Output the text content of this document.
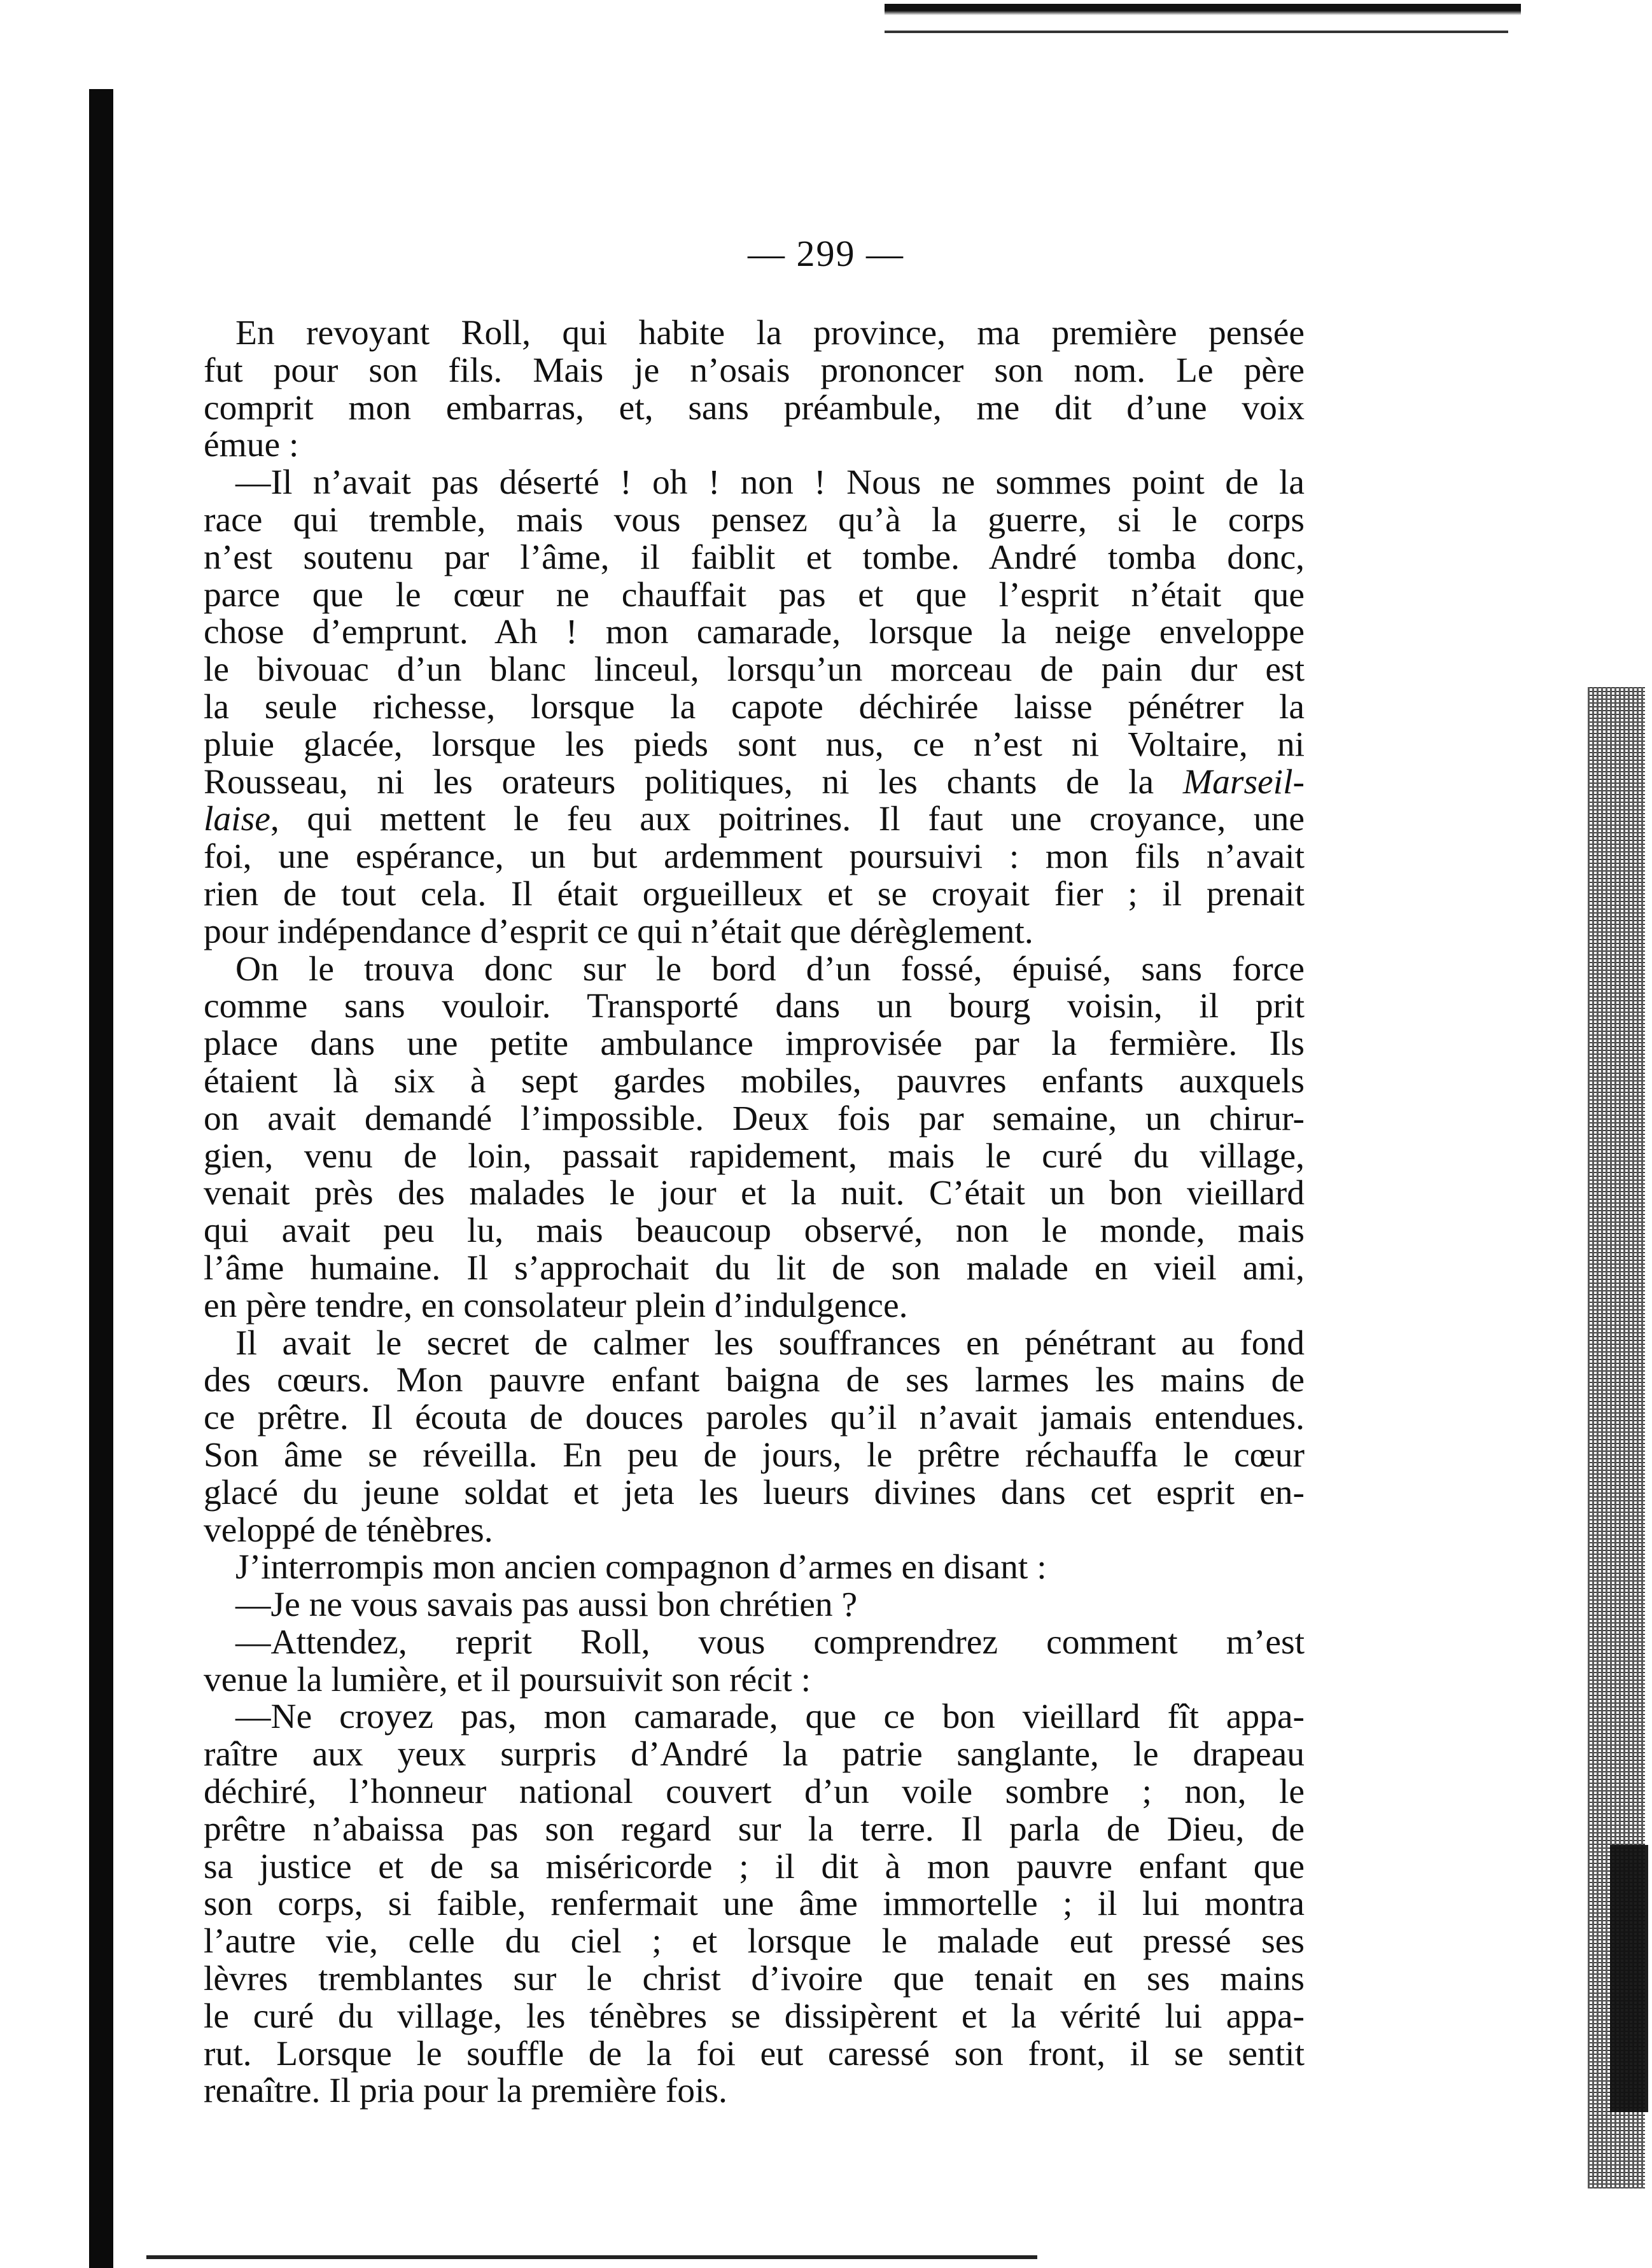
— 299 —
En revoyant Roll, qui habite la province, ma première pensée
fut pour son fils. Mais je n’osais prononcer son nom. Le père
comprit mon embarras, et, sans préambule, me dit d’une voix
émue :
—Il n’avait pas déserté ! oh ! non ! Nous ne sommes point de la
race qui tremble, mais vous pensez qu’à la guerre, si le corps
n’est soutenu par l’âme, il faiblit et tombe. André tomba donc,
parce que le cœur ne chauffait pas et que l’esprit n’était que
chose d’emprunt. Ah ! mon camarade, lorsque la neige enveloppe
le bivouac d’un blanc linceul, lorsqu’un morceau de pain dur est
la seule richesse, lorsque la capote déchirée laisse pénétrer la
pluie glacée, lorsque les pieds sont nus, ce n’est ni Voltaire, ni
Rousseau, ni les orateurs politiques, ni les chants de la Marseil-
laise, qui mettent le feu aux poitrines. Il faut une croyance, une
foi, une espérance, un but ardemment poursuivi : mon fils n’avait
rien de tout cela. Il était orgueilleux et se croyait fier ; il prenait
pour indépendance d’esprit ce qui n’était que dérèglement.
On le trouva donc sur le bord d’un fossé, épuisé, sans force
comme sans vouloir. Transporté dans un bourg voisin, il prit
place dans une petite ambulance improvisée par la fermière. Ils
étaient là six à sept gardes mobiles, pauvres enfants auxquels
on avait demandé l’impossible. Deux fois par semaine, un chirur-
gien, venu de loin, passait rapidement, mais le curé du village,
venait près des malades le jour et la nuit. C’était un bon vieillard
qui avait peu lu, mais beaucoup observé, non le monde, mais
l’âme humaine. Il s’approchait du lit de son malade en vieil ami,
en père tendre, en consolateur plein d’indulgence.
Il avait le secret de calmer les souffrances en pénétrant au fond
des cœurs. Mon pauvre enfant baigna de ses larmes les mains de
ce prêtre. Il écouta de douces paroles qu’il n’avait jamais entendues.
Son âme se réveilla. En peu de jours, le prêtre réchauffa le cœur
glacé du jeune soldat et jeta les lueurs divines dans cet esprit en-
veloppé de ténèbres.
J’interrompis mon ancien compagnon d’armes en disant :
—Je ne vous savais pas aussi bon chrétien ?
—Attendez, reprit Roll, vous comprendrez comment m’est
venue la lumière, et il poursuivit son récit :
—Ne croyez pas, mon camarade, que ce bon vieillard fît appa-
raître aux yeux surpris d’André la patrie sanglante, le drapeau
déchiré, l’honneur national couvert d’un voile sombre ; non, le
prêtre n’abaissa pas son regard sur la terre. Il parla de Dieu, de
sa justice et de sa miséricorde ; il dit à mon pauvre enfant que
son corps, si faible, renfermait une âme immortelle ; il lui montra
l’autre vie, celle du ciel ; et lorsque le malade eut pressé ses
lèvres tremblantes sur le christ d’ivoire que tenait en ses mains
le curé du village, les ténèbres se dissipèrent et la vérité lui appa-
rut. Lorsque le souffle de la foi eut caressé son front, il se sentit
renaître. Il pria pour la première fois.
